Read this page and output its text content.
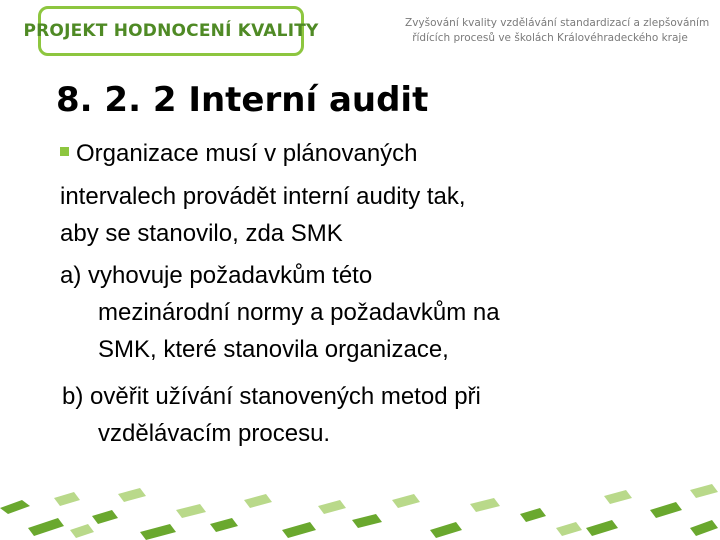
PROJEKT HODNOCENÍ KVALITY	Zvyšování kvality vzdělávání standardizací a zlepšováním
řídících procesů ve školách Královéhradeckého kraje
8. 2. 2 Interní audit
Organizace musí v plánovaných
intervalech provádět interní audity tak,
aby se stanovilo, zda SMK
a) vyhovuje požadavkům této
mezinárodní normy a požadavkům na
SMK, které stanovila organizace,
b) ověřit užívání stanovených metod při
vzdělávacím procesu.
